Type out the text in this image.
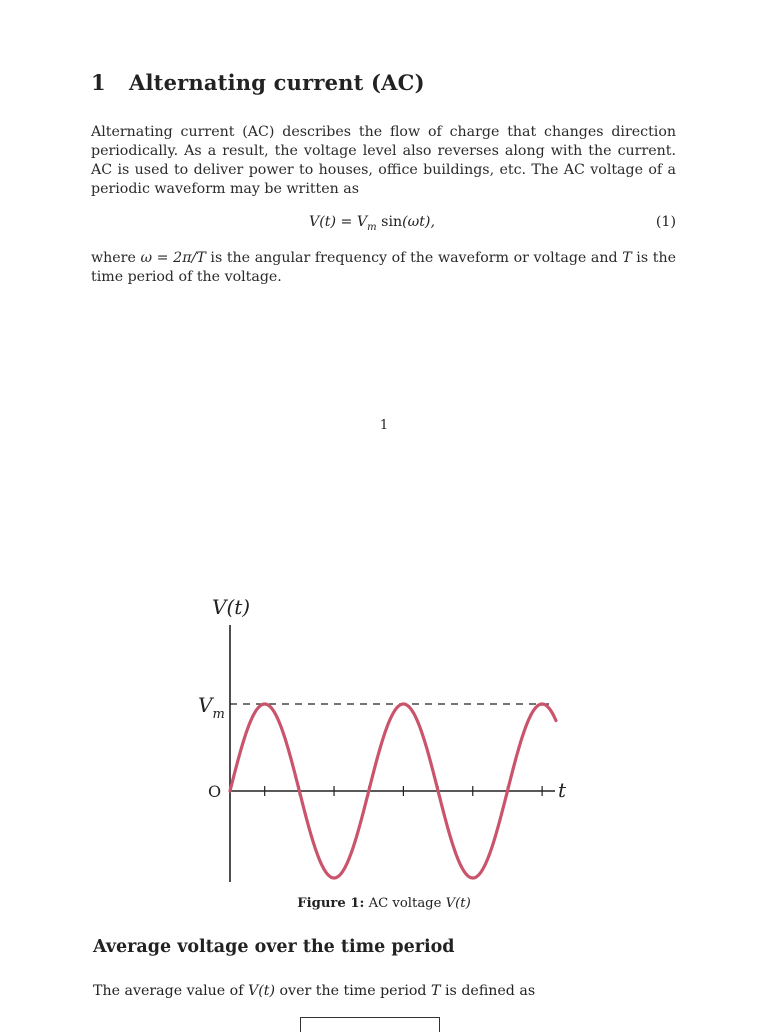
1 Alternating current (AC)
Alternating current (AC) describes the flow of charge that changes direction periodically. As a result, the voltage level also reverses along with the current. AC is used to deliver power to houses, office buildings, etc. The AC voltage of a periodic waveform may be written as
$V(t) = V_m$ sin(ωt),	(1)
where ω = 2π/T is the angular frequency of the waveform or voltage and T is the time period of the voltage.
1
V(t)
$V_m$
O	t
Figure 1: AC voltage V(t)
Average voltage over the time period
The average value of V(t) over the time period T is defined as
